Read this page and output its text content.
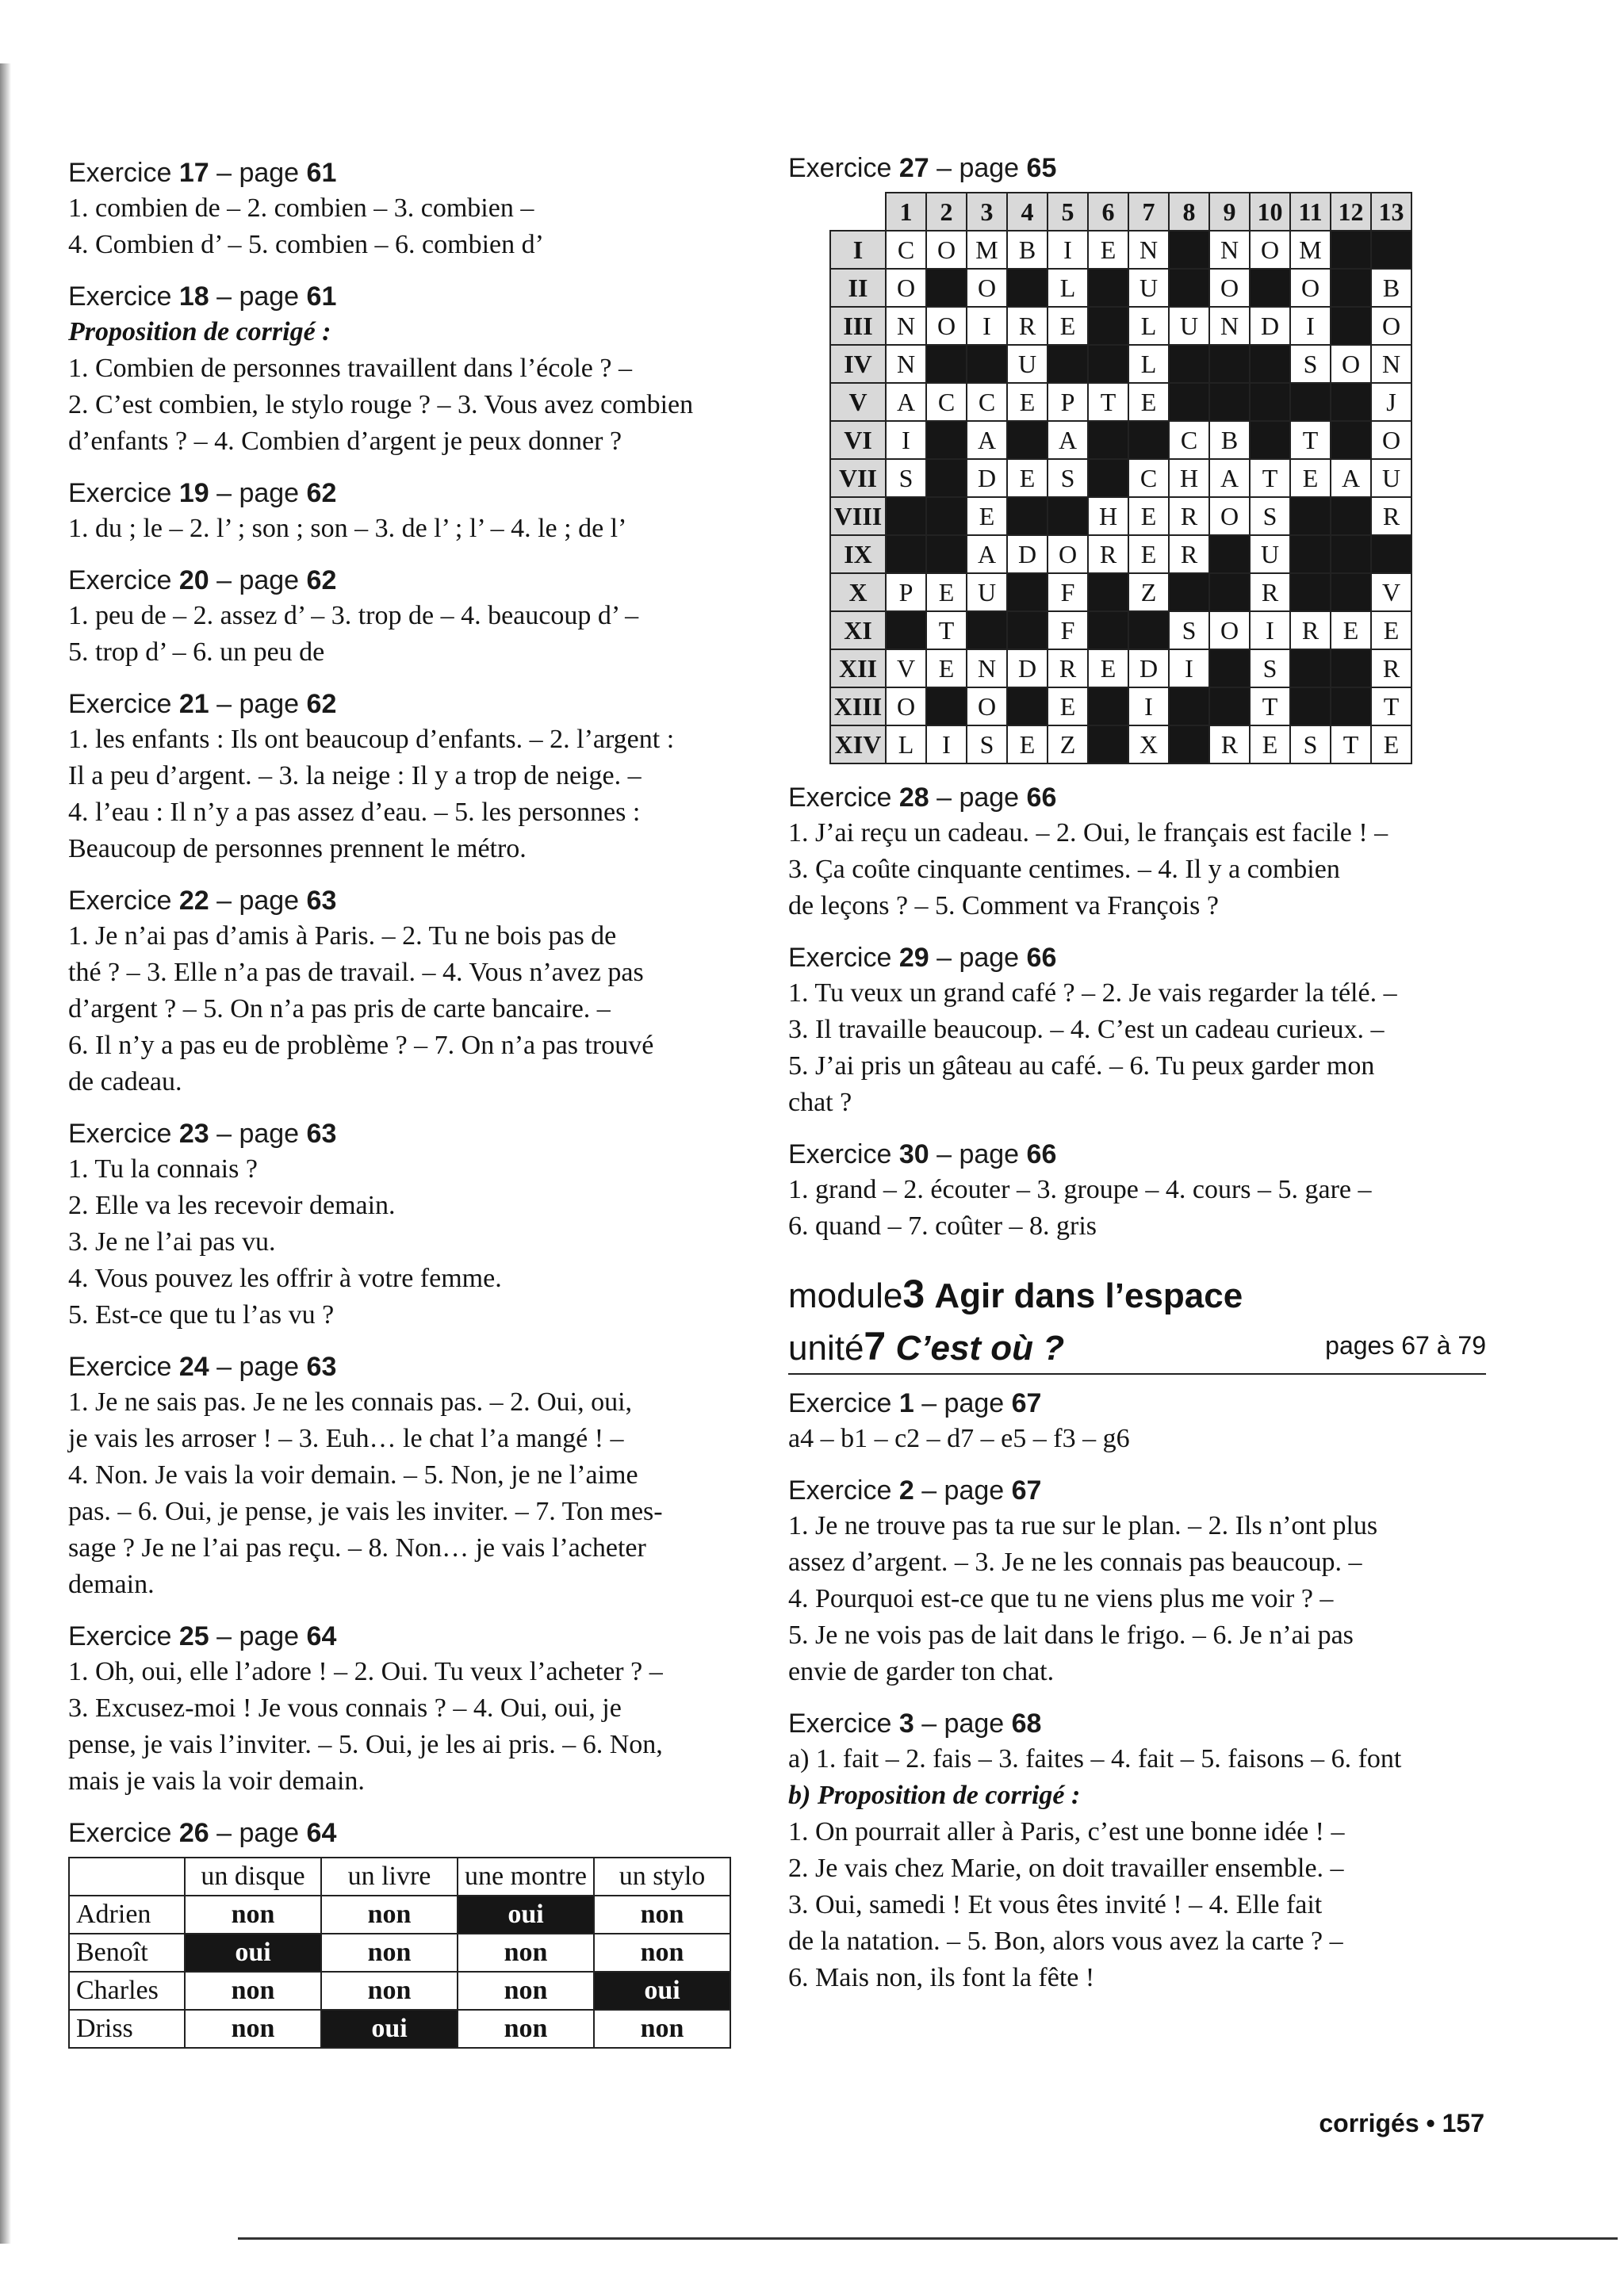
Exercice 17 – page 61
1. combien de – 2. combien – 3. combien –
4. Combien d’ – 5. combien – 6. combien d’
Exercice 18 – page 61
Proposition de corrigé :
1. Combien de personnes travaillent dans l’école ? –
2. C’est combien, le stylo rouge ? – 3. Vous avez combien
d’enfants ? – 4. Combien d’argent je peux donner ?
Exercice 19 – page 62
1. du ; le – 2. l’ ; son ; son – 3. de l’ ; l’ – 4. le ; de l’
Exercice 20 – page 62
1. peu de – 2. assez d’ – 3. trop de – 4. beaucoup d’ –
5. trop d’ – 6. un peu de
Exercice 21 – page 62
1. les enfants : Ils ont beaucoup d’enfants. – 2. l’argent :
Il a peu d’argent. – 3. la neige : Il y a trop de neige. –
4. l’eau : Il n’y a pas assez d’eau. – 5. les personnes :
Beaucoup de personnes prennent le métro.
Exercice 22 – page 63
1. Je n’ai pas d’amis à Paris. – 2. Tu ne bois pas de
thé ? – 3. Elle n’a pas de travail. – 4. Vous n’avez pas
d’argent ? – 5. On n’a pas pris de carte bancaire. –
6. Il n’y a pas eu de problème ? – 7. On n’a pas trouvé
de cadeau.
Exercice 23 – page 63
1. Tu la connais ?
2. Elle va les recevoir demain.
3. Je ne l’ai pas vu.
4. Vous pouvez les offrir à votre femme.
5. Est-ce que tu l’as vu ?
Exercice 24 – page 63
1. Je ne sais pas. Je ne les connais pas. – 2. Oui, oui,
je vais les arroser ! – 3. Euh… le chat l’a mangé ! –
4. Non. Je vais la voir demain. – 5. Non, je ne l’aime
pas. – 6. Oui, je pense, je vais les inviter. – 7. Ton mes-
sage ? Je ne l’ai pas reçu. – 8. Non… je vais l’acheter
demain.
Exercice 25 – page 64
1. Oh, oui, elle l’adore ! – 2. Oui. Tu veux l’acheter ? –
3. Excusez-moi ! Je vous connais ? – 4. Oui, oui, je
pense, je vais l’inviter. – 5. Oui, je les ai pris. – 6. Non,
mais je vais la voir demain.
Exercice 26 – page 64
	un disque	un livre	une montre	un stylo
Adrien	non	non	oui	non
Benoît	oui	non	non	non
Charles	non	non	non	oui
Driss	non	oui	non	non
Exercice 27 – page 65
	1	2	3	4	5	6	7	8	9	10	11	12	13
I	C	O	M	B	I	E	N		N	O	M		
II	O		O		L		U		O		O		B
III	N	O	I	R	E		L	U	N	D	I		O
IV	N			U			L				S	O	N
V	A	C	C	E	P	T	E						J
VI	I		A		A			C	B		T		O
VII	S		D	E	S		C	H	A	T	E	A	U
VIII			E			H	E	R	O	S			R
IX			A	D	O	R	E	R		U			
X	P	E	U		F		Z			R			V
XI		T			F			S	O	I	R	E	E
XII	V	E	N	D	R	E	D	I		S			R
XIII	O		O		E		I			T			T
XIV	L	I	S	E	Z		X		R	E	S	T	E
Exercice 28 – page 66
1. J’ai reçu un cadeau. – 2. Oui, le français est facile ! –
3. Ça coûte cinquante centimes. – 4. Il y a combien
de leçons ? – 5. Comment va François ?
Exercice 29 – page 66
1. Tu veux un grand café ? – 2. Je vais regarder la télé. –
3. Il travaille beaucoup. – 4. C’est un cadeau curieux. –
5. J’ai pris un gâteau au café. – 6. Tu peux garder mon
chat ?
Exercice 30 – page 66
1. grand – 2. écouter – 3. groupe – 4. cours – 5. gare –
6. quand – 7. coûter – 8. gris
module3 Agir dans l’espace
unité7 C’est où ?	pages 67 à 79
Exercice 1 – page 67
a4 – b1 – c2 – d7 – e5 – f3 – g6
Exercice 2 – page 67
1. Je ne trouve pas ta rue sur le plan. – 2. Ils n’ont plus
assez d’argent. – 3. Je ne les connais pas beaucoup. –
4. Pourquoi est-ce que tu ne viens plus me voir ? –
5. Je ne vois pas de lait dans le frigo. – 6. Je n’ai pas
envie de garder ton chat.
Exercice 3 – page 68
a) 1. fait – 2. fais – 3. faites – 4. fait – 5. faisons – 6. font
b) Proposition de corrigé :
1. On pourrait aller à Paris, c’est une bonne idée ! –
2. Je vais chez Marie, on doit travailler ensemble. –
3. Oui, samedi ! Et vous êtes invité ! – 4. Elle fait
de la natation. – 5. Bon, alors vous avez la carte ? –
6. Mais non, ils font la fête !
corrigés • 157
